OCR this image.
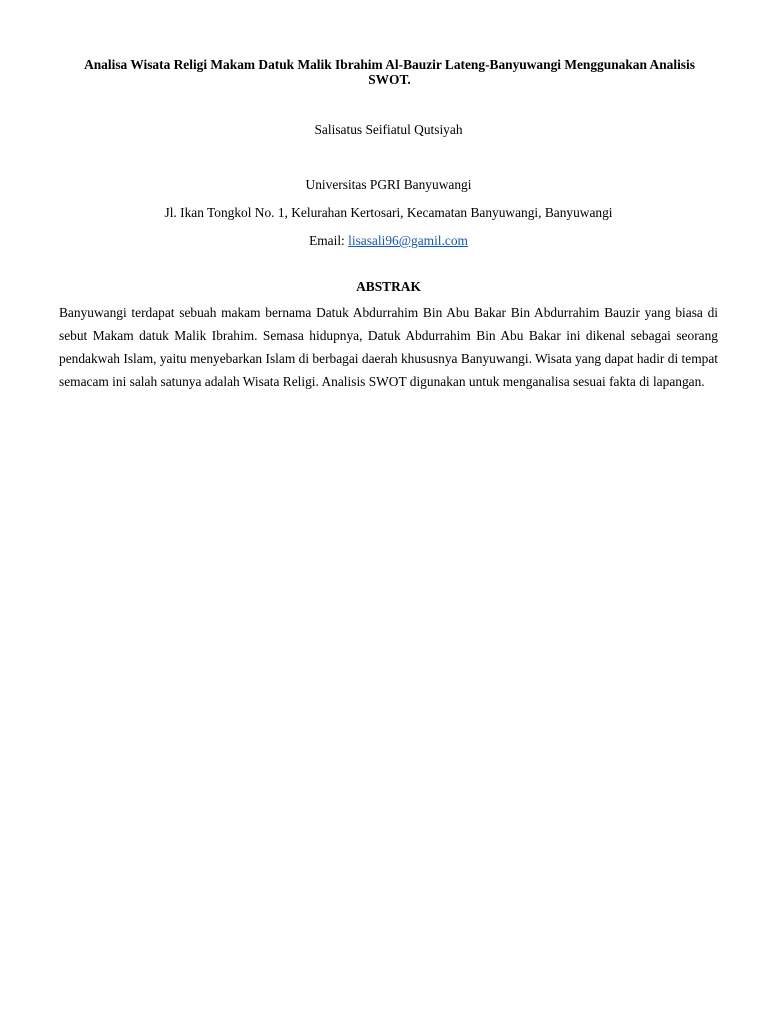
Analisa Wisata Religi Makam Datuk Malik Ibrahim Al-Bauzir Lateng-Banyuwangi Menggunakan Analisis SWOT.

Salisatus Seifiatul Qutsiyah

Universitas PGRI Banyuwangi

Jl. Ikan Tongkol No. 1, Kelurahan Kertosari, Kecamatan Banyuwangi, Banyuwangi

Email: lisasali96@gamil.com

ABSTRAK

Banyuwangi terdapat sebuah makam bernama Datuk Abdurrahim Bin Abu Bakar Bin Abdurrahim Bauzir yang biasa di sebut Makam datuk Malik Ibrahim. Semasa hidupnya, Datuk Abdurrahim Bin Abu Bakar ini dikenal sebagai seorang pendakwah Islam, yaitu menyebarkan Islam di berbagai daerah khususnya Banyuwangi. Wisata yang dapat hadir di tempat semacam ini salah satunya adalah Wisata Religi. Analisis SWOT digunakan untuk menganalisa sesuai fakta di lapangan.
